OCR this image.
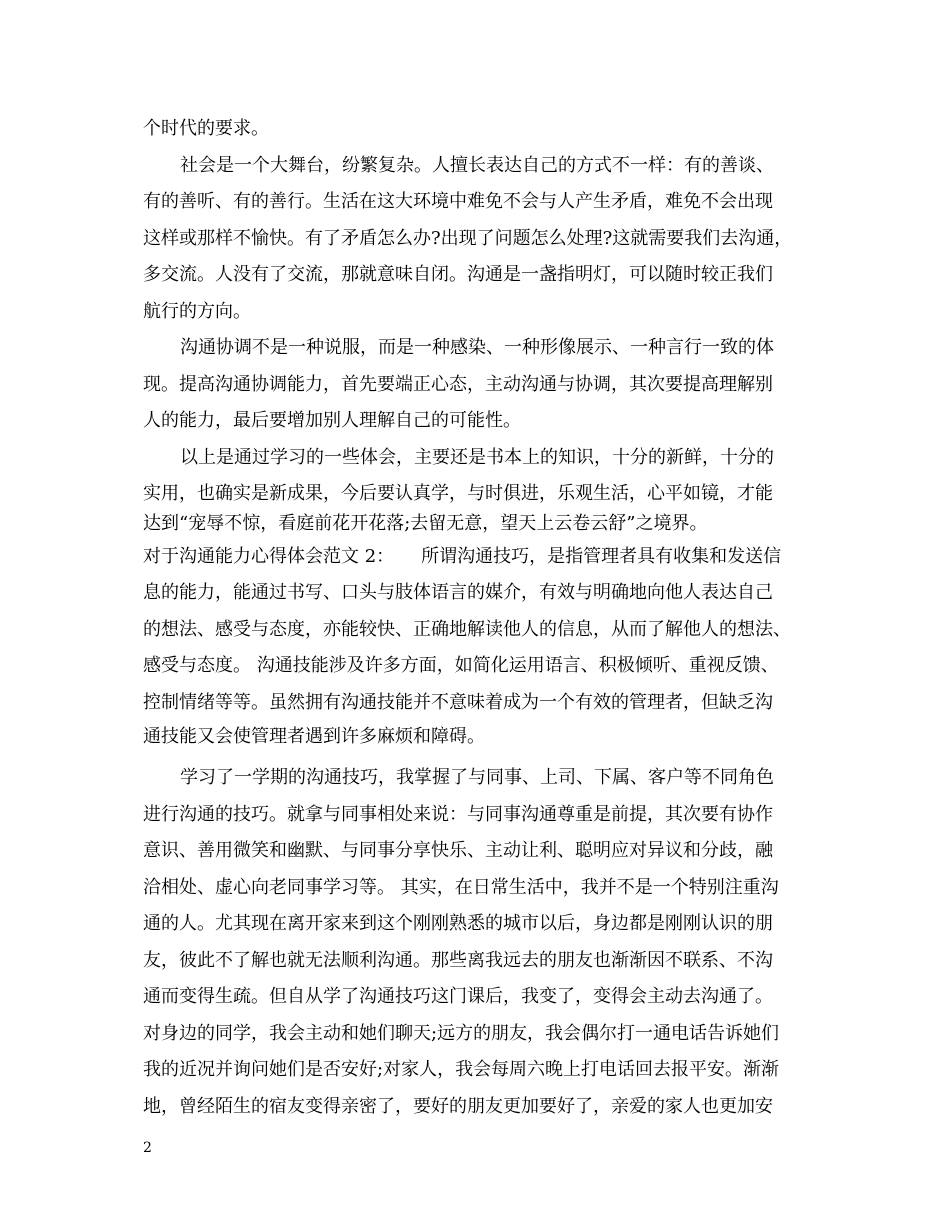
个时代的要求。
社会是一个大舞台，纷繁复杂。人擅长表达自己的方式不一样：有的善谈、
有的善听、有的善行。生活在这大环境中难免不会与人产生矛盾，难免不会出现
这样或那样不愉快。有了矛盾怎么办?出现了问题怎么处理?这就需要我们去沟通，
多交流。人没有了交流，那就意味自闭。沟通是一盏指明灯，可以随时较正我们
航行的方向。
沟通协调不是一种说服，而是一种感染、一种形像展示、一种言行一致的体
现。提高沟通协调能力，首先要端正心态，主动沟通与协调，其次要提高理解别
人的能力，最后要增加别人理解自己的可能性。
以上是通过学习的一些体会，主要还是书本上的知识，十分的新鲜，十分的
实用，也确实是新成果，今后要认真学，与时俱进，乐观生活，心平如镜，才能
达到“宠辱不惊，看庭前花开花落;去留无意，望天上云卷云舒”之境界。
对于沟通能力心得体会范文 2：　　所谓沟通技巧，是指管理者具有收集和发送信
息的能力，能通过书写、口头与肢体语言的媒介，有效与明确地向他人表达自己
的想法、感受与态度，亦能较快、正确地解读他人的信息，从而了解他人的想法、
感受与态度。 沟通技能涉及许多方面，如简化运用语言、积极倾听、重视反馈、
控制情绪等等。虽然拥有沟通技能并不意味着成为一个有效的管理者，但缺乏沟
通技能又会使管理者遇到许多麻烦和障碍。
学习了一学期的沟通技巧，我掌握了与同事、上司、下属、客户等不同角色
进行沟通的技巧。就拿与同事相处来说：与同事沟通尊重是前提，其次要有协作
意识、善用微笑和幽默、与同事分享快乐、主动让利、聪明应对异议和分歧，融
洽相处、虚心向老同事学习等。 其实，在日常生活中，我并不是一个特别注重沟
通的人。尤其现在离开家来到这个刚刚熟悉的城市以后，身边都是刚刚认识的朋
友，彼此不了解也就无法顺利沟通。那些离我远去的朋友也渐渐因不联系、不沟
通而变得生疏。但自从学了沟通技巧这门课后，我变了，变得会主动去沟通了。
对身边的同学，我会主动和她们聊天;远方的朋友，我会偶尔打一通电话告诉她们
我的近况并询问她们是否安好;对家人，我会每周六晚上打电话回去报平安。渐渐
地，曾经陌生的宿友变得亲密了，要好的朋友更加要好了，亲爱的家人也更加安
2
